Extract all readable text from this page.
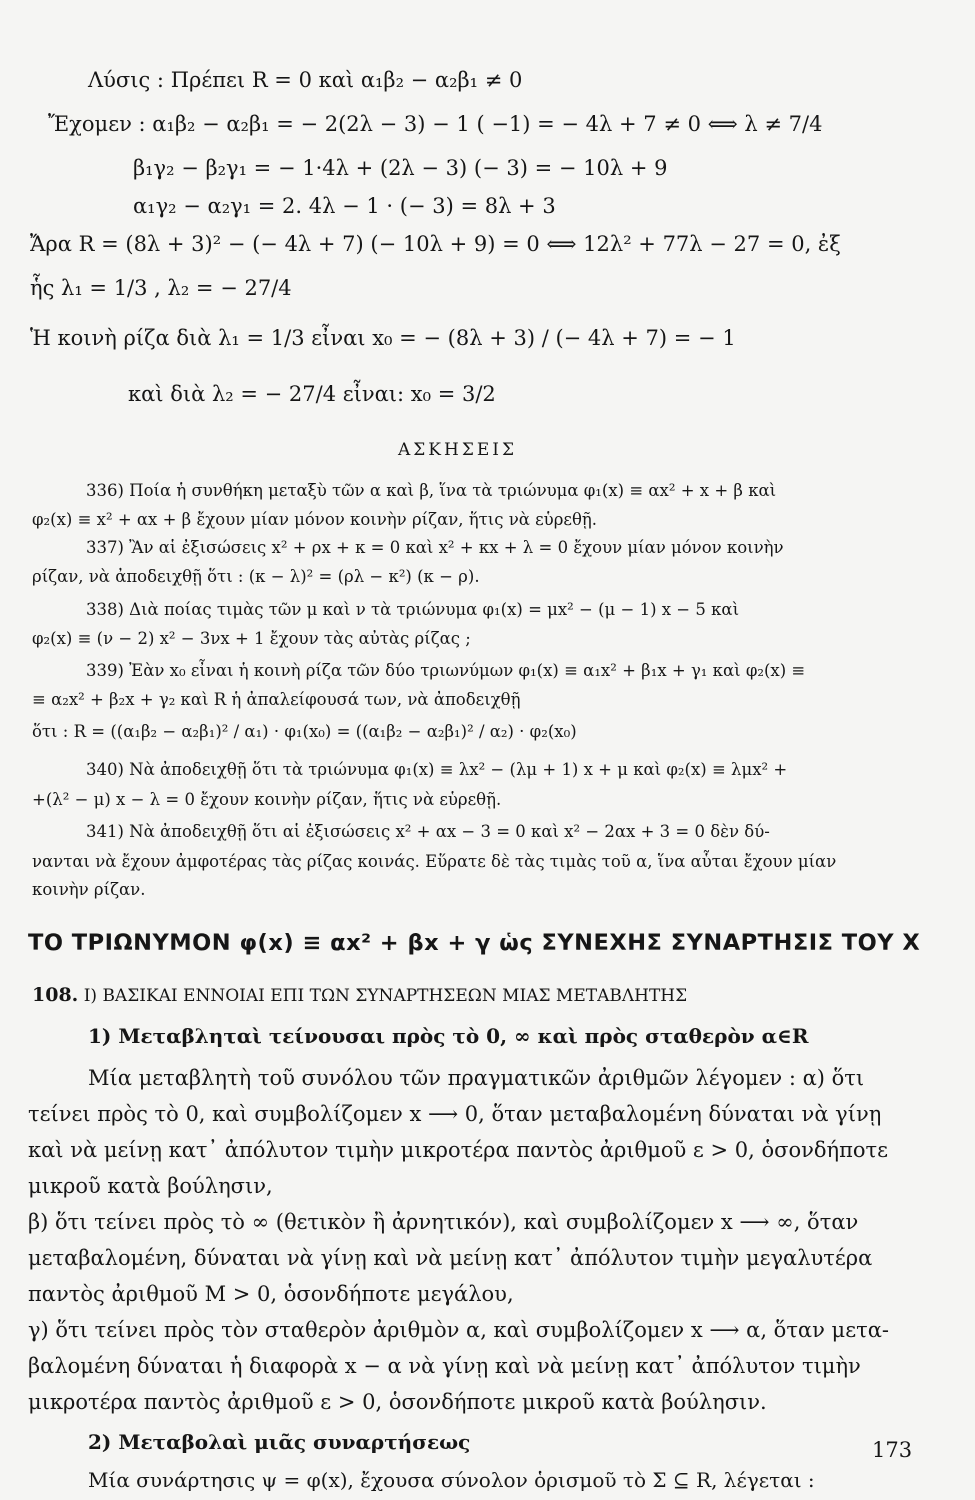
Λύσις : Πρέπει R = 0 καὶ α₁β₂ − α₂β₁ ≠ 0
Ἔχομεν : α₁β₂ − α₂β₁ = − 2(2λ − 3) − 1 ( −1) = − 4λ + 7 ≠ 0 ⟺ λ ≠ 7/4
β₁γ₂ − β₂γ₁ = − 1·4λ + (2λ − 3) (− 3) = − 10λ + 9
α₁γ₂ − α₂γ₁ = 2. 4λ − 1 · (− 3) = 8λ + 3
Ἄρα R = (8λ + 3)² − (− 4λ + 7) (− 10λ + 9) = 0 ⟺ 12λ² + 77λ − 27 = 0, ἐξ
ἧς λ₁ = 1/3 , λ₂ = − 27/4
Ἡ κοινὴ ρίζα διὰ λ₁ = 1/3 εἶναι x₀ = − (8λ + 3) / (− 4λ + 7) = − 1
καὶ διὰ λ₂ = − 27/4 εἶναι: x₀ = 3/2
ΑΣΚΗΣΕΙΣ
336) Ποία ἡ συνθήκη μεταξὺ τῶν α καὶ β, ἵνα τὰ τριώνυμα φ₁(x) ≡ αx² + x + β καὶ
φ₂(x) ≡ x² + αx + β ἔχουν μίαν μόνον κοινὴν ρίζαν, ἥτις νὰ εὑρεθῇ.
337) Ἂν αἱ ἐξισώσεις x² + ρx + κ = 0 καὶ x² + κx + λ = 0 ἔχουν μίαν μόνον κοινὴν
ρίζαν, νὰ ἀποδειχθῇ ὅτι : (κ − λ)² = (ρλ − κ²) (κ − ρ).
338) Διὰ ποίας τιμὰς τῶν μ καὶ ν τὰ τριώνυμα φ₁(x) = μx² − (μ − 1) x − 5 καὶ
φ₂(x) ≡ (ν − 2) x² − 3νx + 1 ἔχουν τὰς αὐτὰς ρίζας ;
339) Ἐὰν x₀ εἶναι ἡ κοινὴ ρίζα τῶν δύο τριωνύμων φ₁(x) ≡ α₁x² + β₁x + γ₁ καὶ φ₂(x) ≡
≡ α₂x² + β₂x + γ₂ καὶ R ἡ ἀπαλείφουσά των, νὰ ἀποδειχθῇ
ὅτι : R = ((α₁β₂ − α₂β₁)² / α₁) · φ₁(x₀) = ((α₁β₂ − α₂β₁)² / α₂) · φ₂(x₀)
340) Νὰ ἀποδειχθῇ ὅτι τὰ τριώνυμα φ₁(x) ≡ λx² − (λμ + 1) x + μ καὶ φ₂(x) ≡ λμx² +
+(λ² − μ) x − λ = 0 ἔχουν κοινὴν ρίζαν, ἥτις νὰ εὑρεθῇ.
341) Νὰ ἀποδειχθῇ ὅτι αἱ ἐξισώσεις x² + αx − 3 = 0 καὶ x² − 2αx + 3 = 0 δὲν δύ-
νανται νὰ ἔχουν ἀμφοτέρας τὰς ρίζας κοινάς. Εὕρατε δὲ τὰς τιμὰς τοῦ α, ἵνα αὗται ἔχουν μίαν
κοινὴν ρίζαν.
ΤΟ ΤΡΙΩΝΥΜΟΝ φ(x) ≡ αx² + βx + γ ὡς ΣΥΝΕΧΗΣ ΣΥΝΑΡΤΗΣΙΣ ΤΟΥ Χ
108. I) ΒΑΣΙΚΑΙ ΕΝΝΟΙΑΙ ΕΠΙ ΤΩΝ ΣΥΝΑΡΤΗΣΕΩΝ ΜΙΑΣ ΜΕΤΑΒΛΗΤΗΣ
1) Μεταβληταὶ τείνουσαι πρὸς τὸ 0, ∞ καὶ πρὸς σταθερὸν α∈R
Μία μεταβλητὴ τοῦ συνόλου τῶν πραγματικῶν ἀριθμῶν λέγομεν : α) ὅτι
τείνει πρὸς τὸ 0, καὶ συμβολίζομεν x ⟶ 0, ὅταν μεταβαλομένη δύναται νὰ γίνῃ
καὶ νὰ μείνῃ κατ᾽ ἀπόλυτον τιμὴν μικροτέρα παντὸς ἀριθμοῦ ε > 0, ὁσονδήποτε
μικροῦ κατὰ βούλησιν,
β) ὅτι τείνει πρὸς τὸ ∞ (θετικὸν ἢ ἀρνητικόν), καὶ συμβολίζομεν x ⟶ ∞, ὅταν
μεταβαλομένη, δύναται νὰ γίνῃ καὶ νὰ μείνῃ κατ᾽ ἀπόλυτον τιμὴν μεγαλυτέρα
παντὸς ἀριθμοῦ M > 0, ὁσονδήποτε μεγάλου,
γ) ὅτι τείνει πρὸς τὸν σταθερὸν ἀριθμὸν α, καὶ συμβολίζομεν x ⟶ α, ὅταν μετα-
βαλομένη δύναται ἡ διαφορὰ x − α νὰ γίνῃ καὶ νὰ μείνῃ κατ᾽ ἀπόλυτον τιμὴν
μικροτέρα παντὸς ἀριθμοῦ ε > 0, ὁσονδήποτε μικροῦ κατὰ βούλησιν.
2) Μεταβολαὶ μιᾶς συναρτήσεως
Μία συνάρτησις ψ = φ(x), ἔχουσα σύνολον ὁρισμοῦ τὸ Σ ⊆ R, λέγεται :
173
